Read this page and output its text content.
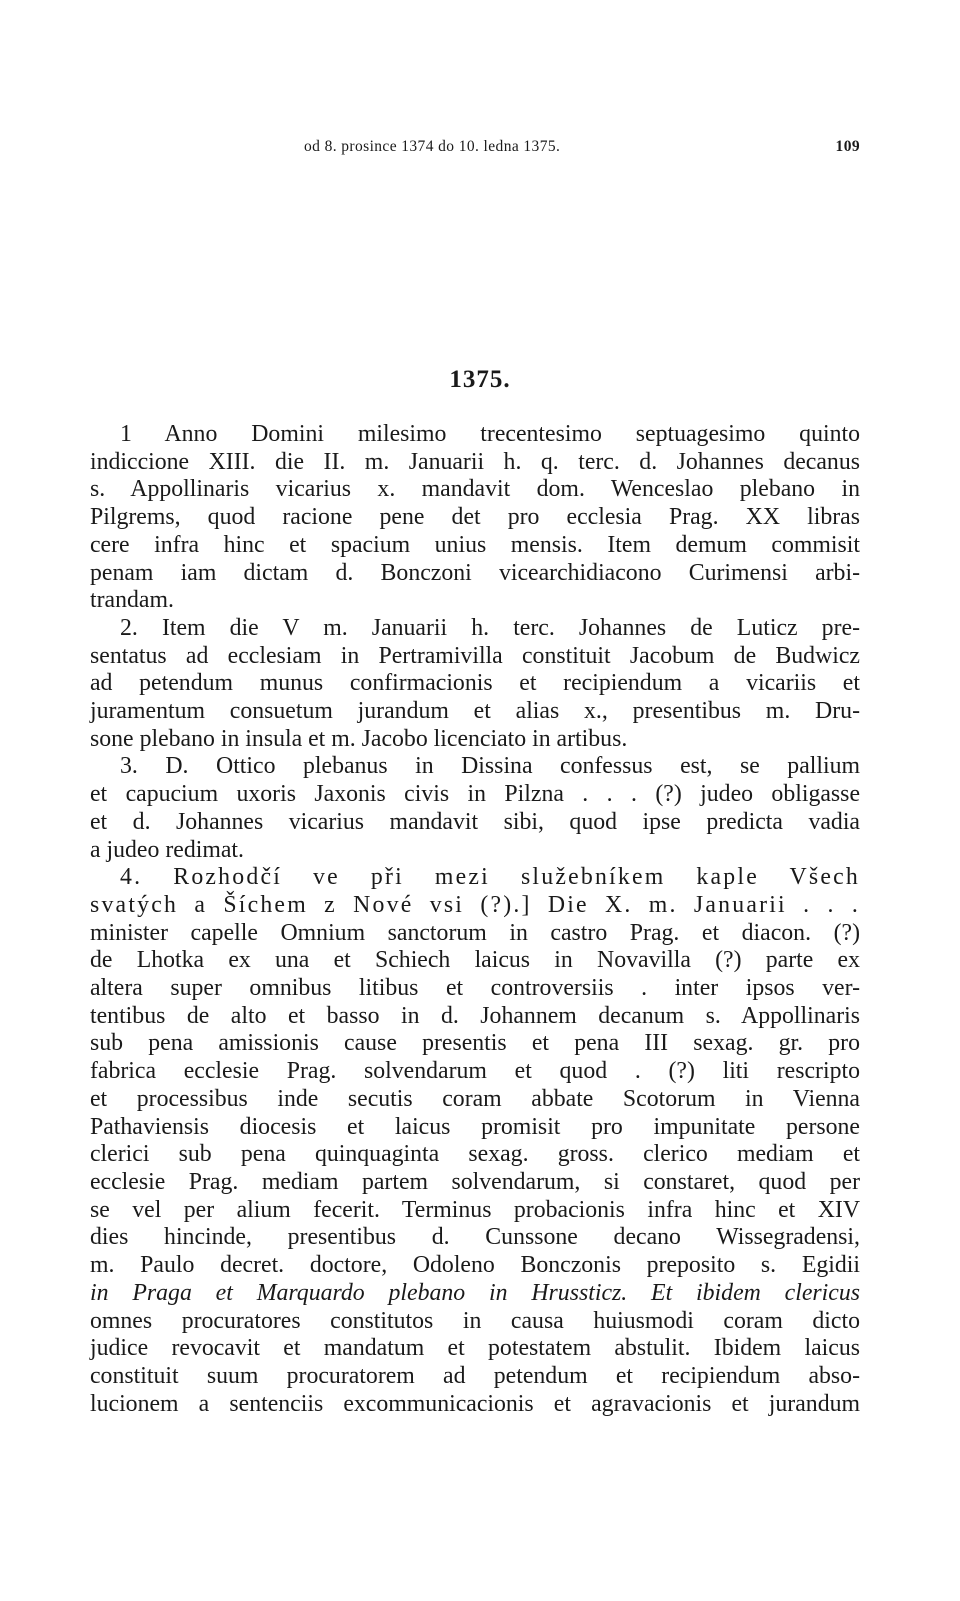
od 8. prosince 1374 do 10. ledna 1375.	109
1375.
1 Anno Domini milesimo trecentesimo septuagesimo quinto
indiccione XIII. die II. m. Januarii h. q. terc. d. Johannes decanus
s. Appollinaris vicarius x. mandavit dom. Wenceslao plebano in
Pilgrems, quod racione pene det pro ecclesia Prag. XX libras
cere infra hinc et spacium unius mensis. Item demum commisit
penam iam dictam d. Bonczoni vicearchidiacono Curimensi arbi-
trandam.
2. Item die V m. Januarii h. terc. Johannes de Luticz pre-
sentatus ad ecclesiam in Pertramivilla constituit Jacobum de Budwicz
ad petendum munus confirmacionis et recipiendum a vicariis et
juramentum consuetum jurandum et alias x., presentibus m. Dru-
sone plebano in insula et m. Jacobo licenciato in artibus.
3. D. Ottico plebanus in Dissina confessus est, se pallium
et capucium uxoris Jaxonis civis in Pilzna . . . (?) judeo obligasse
et d. Johannes vicarius mandavit sibi, quod ipse predicta vadia
a judeo redimat.
4. Rozhodčí ve při mezi služebníkem kaple Všech
svatých a Šíchem z Nové vsi (?).] Die X. m. Januarii . . .
minister capelle Omnium sanctorum in castro Prag. et diacon. (?)
de Lhotka ex una et Schiech laicus in Novavilla (?) parte ex
altera super omnibus litibus et controversiis . inter ipsos ver-
tentibus de alto et basso in d. Johannem decanum s. Appollinaris
sub pena amissionis cause presentis et pena III sexag. gr. pro
fabrica ecclesie Prag. solvendarum et quod . (?) liti rescripto
et processibus inde secutis coram abbate Scotorum in Vienna
Pathaviensis diocesis et laicus promisit pro impunitate persone
clerici sub pena quinquaginta sexag. gross. clerico mediam et
ecclesie Prag. mediam partem solvendarum, si constaret, quod per
se vel per alium fecerit. Terminus probacionis infra hinc et XIV
dies hincinde, presentibus d. Cunssone decano Wissegradensi,
m. Paulo decret. doctore, Odoleno Bonczonis preposito s. Egidii
in Praga et Marquardo plebano in Hrussticz. Et ibidem clericus
omnes procuratores constitutos in causa huiusmodi coram dicto
judice revocavit et mandatum et potestatem abstulit. Ibidem laicus
constituit suum procuratorem ad petendum et recipiendum abso-
lucionem a sentenciis excommunicacionis et agravacionis et jurandum
